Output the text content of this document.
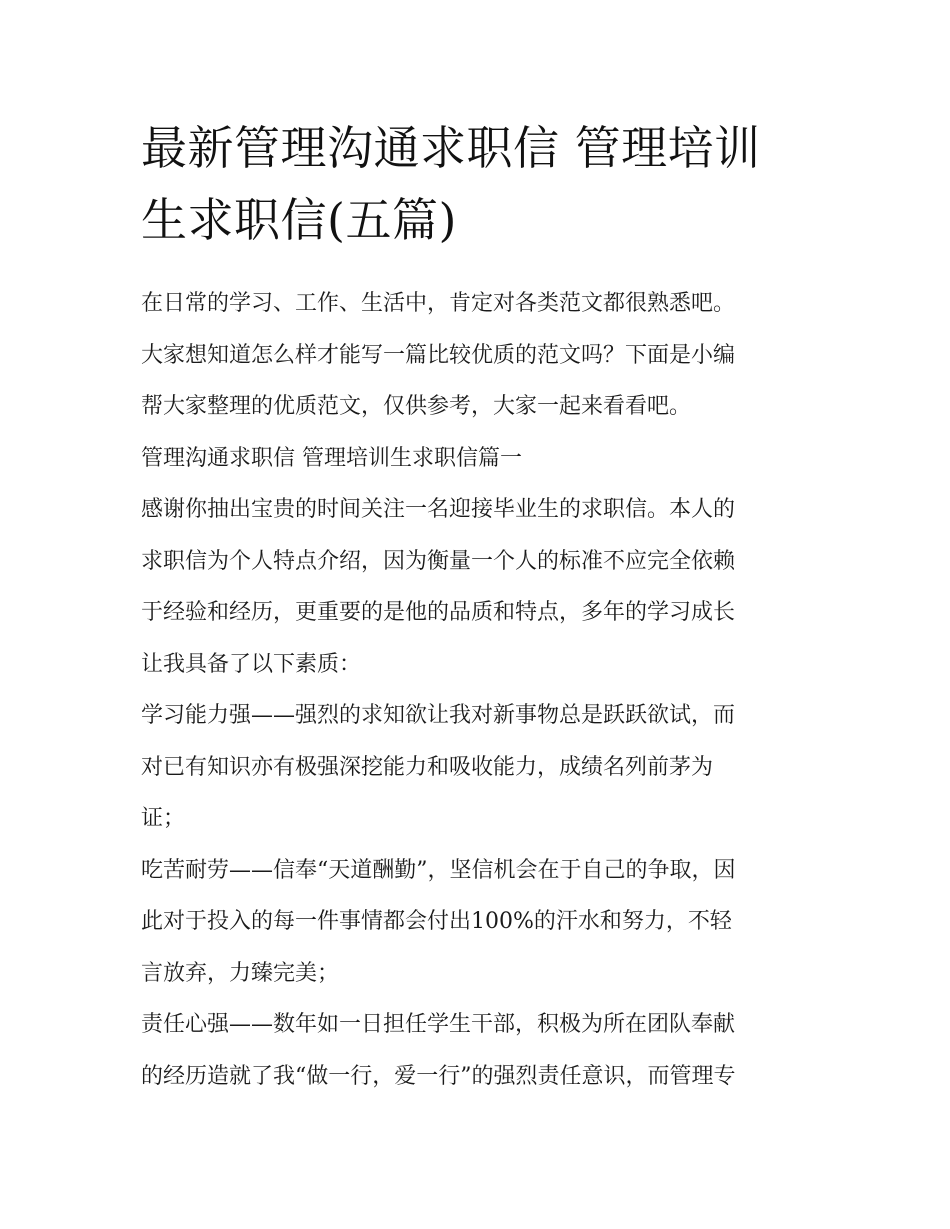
最新管理沟通求职信 管理培训
生求职信(五篇)
在日常的学习、工作、生活中，肯定对各类范文都很熟悉吧。
大家想知道怎么样才能写一篇比较优质的范文吗？下面是小编
帮大家整理的优质范文，仅供参考，大家一起来看看吧。
管理沟通求职信 管理培训生求职信篇一
感谢你抽出宝贵的时间关注一名迎接毕业生的求职信。本人的
求职信为个人特点介绍，因为衡量一个人的标准不应完全依赖
于经验和经历，更重要的是他的品质和特点，多年的学习成长
让我具备了以下素质：
学习能力强——强烈的求知欲让我对新事物总是跃跃欲试，而
对已有知识亦有极强深挖能力和吸收能力，成绩名列前茅为
证；
吃苦耐劳——信奉“天道酬勤”，坚信机会在于自己的争取，因
此对于投入的每一件事情都会付出100%的汗水和努力，不轻
言放弃，力臻完美；
责任心强——数年如一日担任学生干部，积极为所在团队奉献
的经历造就了我“做一行，爱一行”的强烈责任意识，而管理专
